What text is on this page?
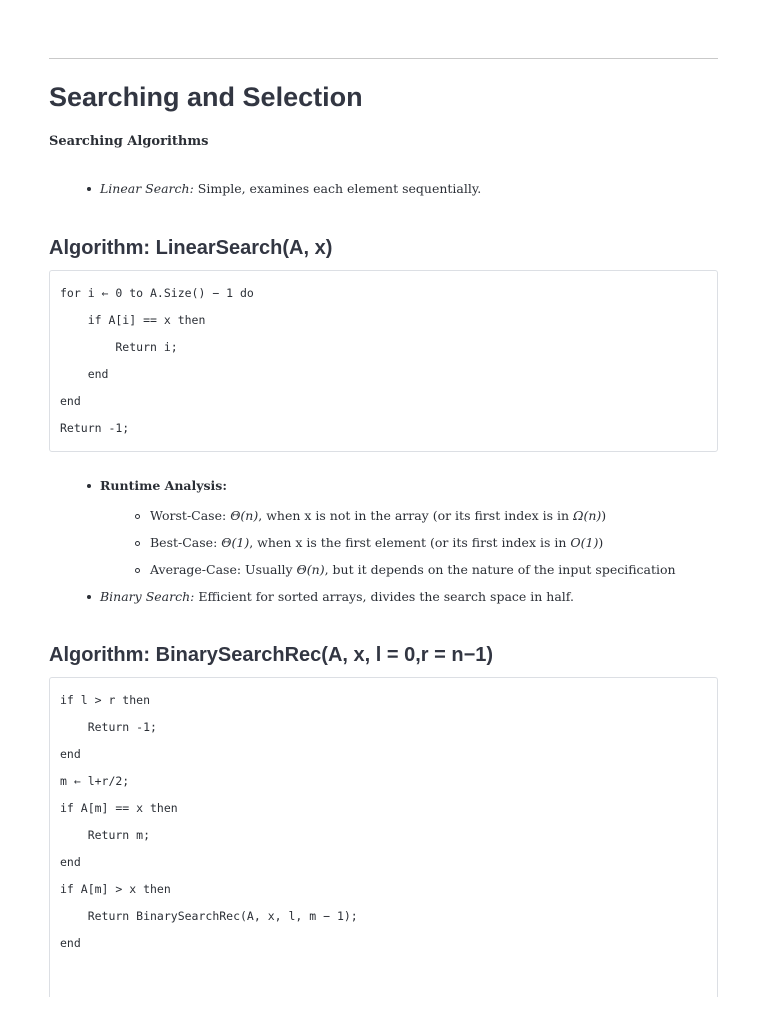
Searching and Selection
Searching Algorithms
Linear Search: Simple, examines each element sequentially.
Algorithm: LinearSearch(A, x)
for i ← 0 to A.Size() − 1 do
if A[i] == x then
Return i;
end
end
Return -1;
Runtime Analysis:
Worst-Case: Θ(n), when x is not in the array (or its first index is in Ω(n))
Best-Case: Θ(1), when x is the first element (or its first index is in O(1))
Average-Case: Usually Θ(n), but it depends on the nature of the input specification
Binary Search: Efficient for sorted arrays, divides the search space in half.
Algorithm: BinarySearchRec(A, x, l = 0,r = n−1)
if l > r then
Return -1;
end
m ← l+r/2;
if A[m] == x then
Return m;
end
if A[m] > x then
Return BinarySearchRec(A, x, l, m − 1);
end
